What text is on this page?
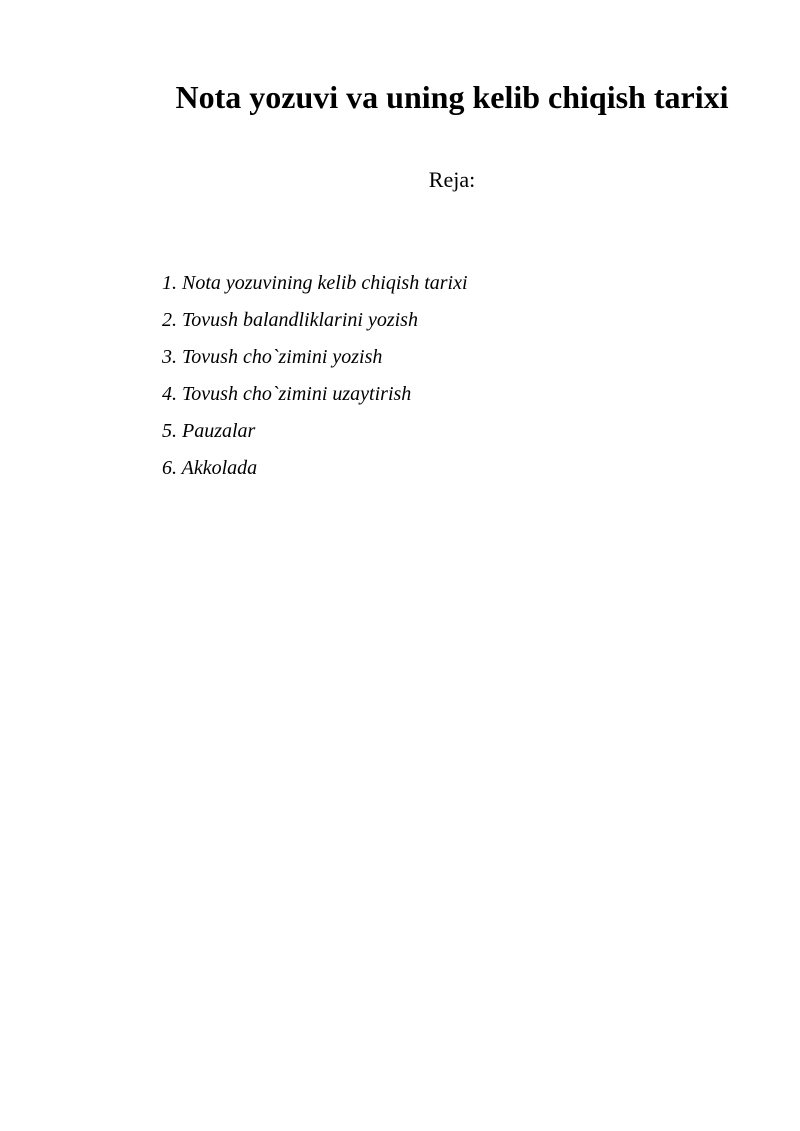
Nota yozuvi va uning kelib chiqish tarixi

Reja:

1. Nota yozuvining kelib chiqish tarixi
2. Tovush balandliklarini yozish
3. Tovush cho`zimini yozish
4. Tovush cho`zimini uzaytirish
5. Pauzalar
6. Akkolada
